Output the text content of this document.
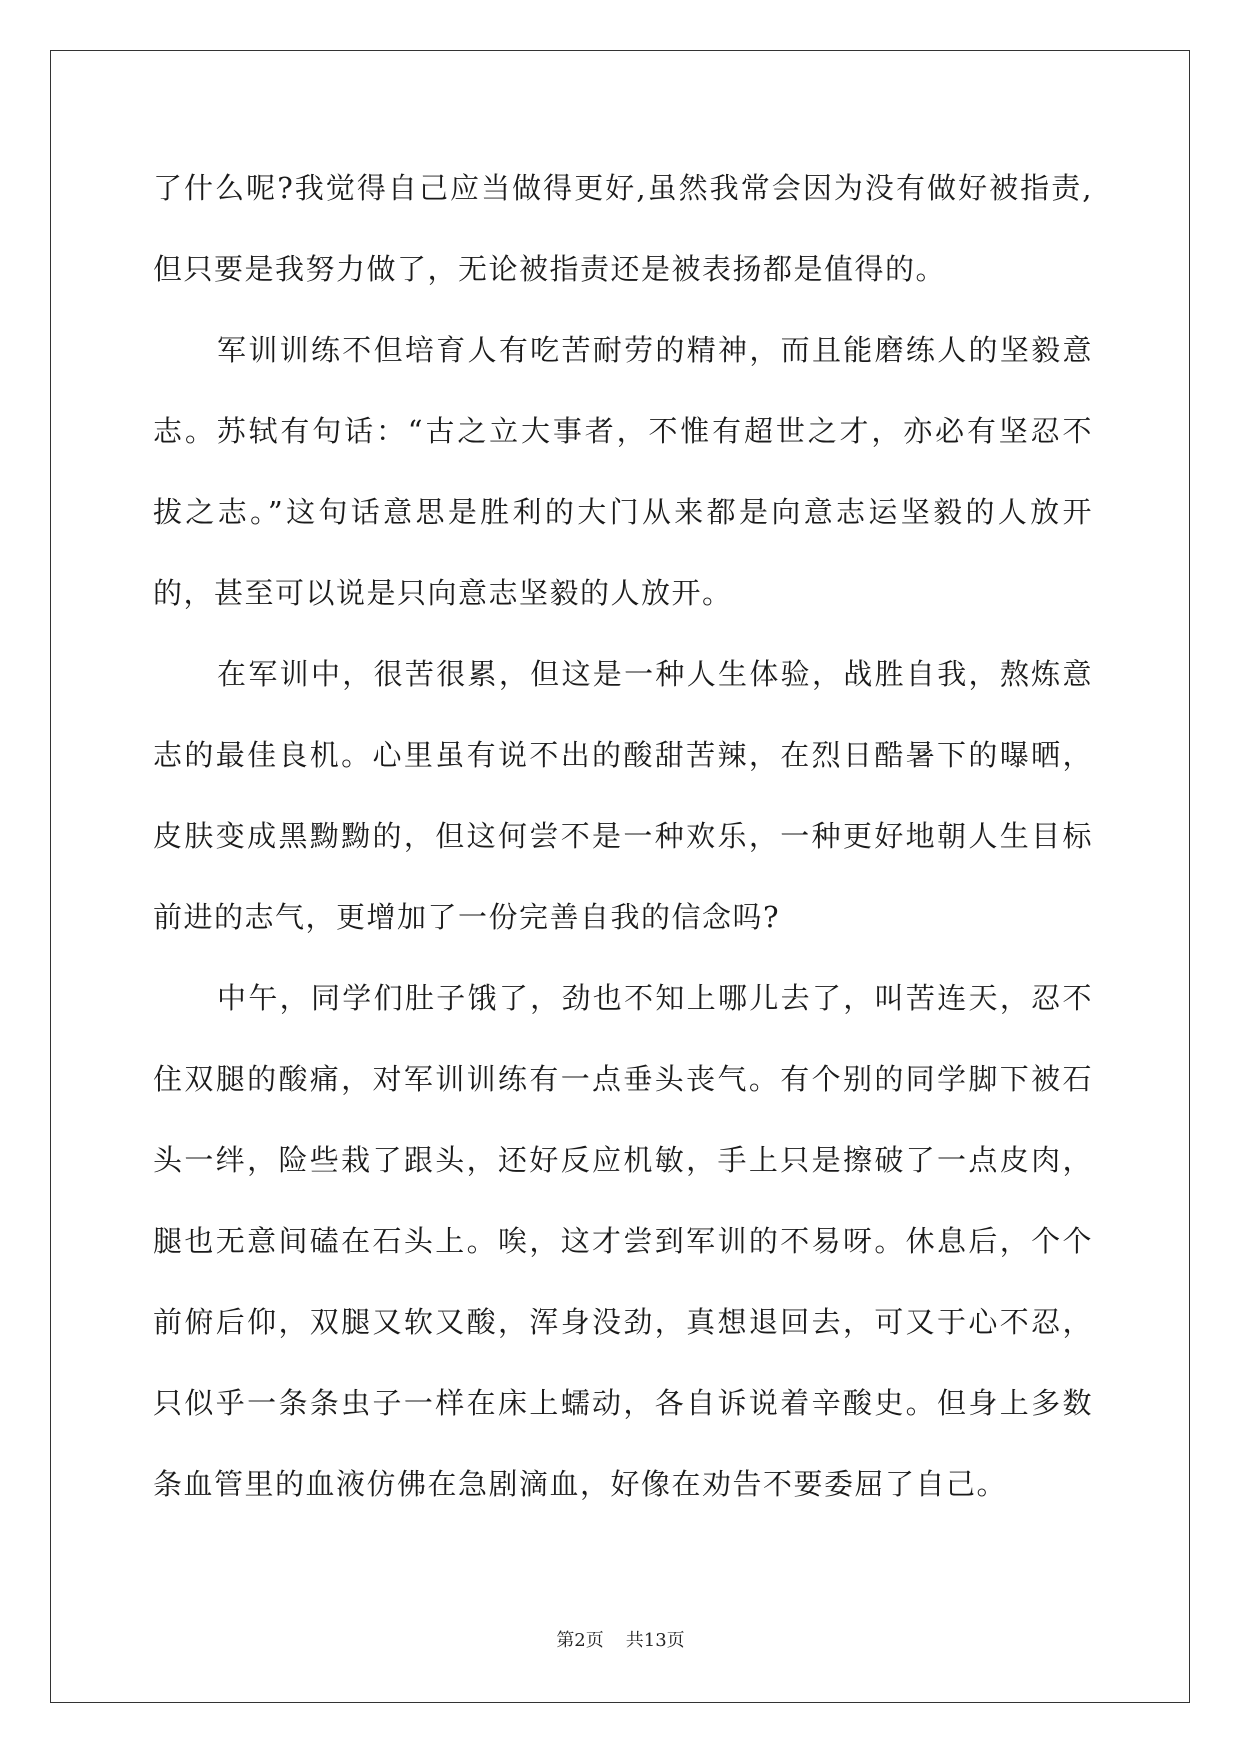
了什么呢?我觉得自己应当做得更好,虽然我常会因为没有做好被指责,
但只要是我努力做了，无论被指责还是被表扬都是值得的。
军训训练不但培育人有吃苦耐劳的精神，而且能磨练人的坚毅意
志。苏轼有句话：“古之立大事者，不惟有超世之才，亦必有坚忍不
拔之志。”这句话意思是胜利的大门从来都是向意志运坚毅的人放开
的，甚至可以说是只向意志坚毅的人放开。
在军训中，很苦很累，但这是一种人生体验，战胜自我，熬炼意
志的最佳良机。心里虽有说不出的酸甜苦辣，在烈日酷暑下的曝晒，
皮肤变成黑黝黝的，但这何尝不是一种欢乐，一种更好地朝人生目标
前进的志气，更增加了一份完善自我的信念吗?
中午，同学们肚子饿了，劲也不知上哪儿去了，叫苦连天，忍不
住双腿的酸痛，对军训训练有一点垂头丧气。有个别的同学脚下被石
头一绊，险些栽了跟头，还好反应机敏，手上只是擦破了一点皮肉，
腿也无意间磕在石头上。唉，这才尝到军训的不易呀。休息后，个个
前俯后仰，双腿又软又酸，浑身没劲，真想退回去，可又于心不忍，
只似乎一条条虫子一样在床上蠕动，各自诉说着辛酸史。但身上多数
条血管里的血液仿佛在急剧滴血，好像在劝告不要委屈了自己。
第2页 共13页
